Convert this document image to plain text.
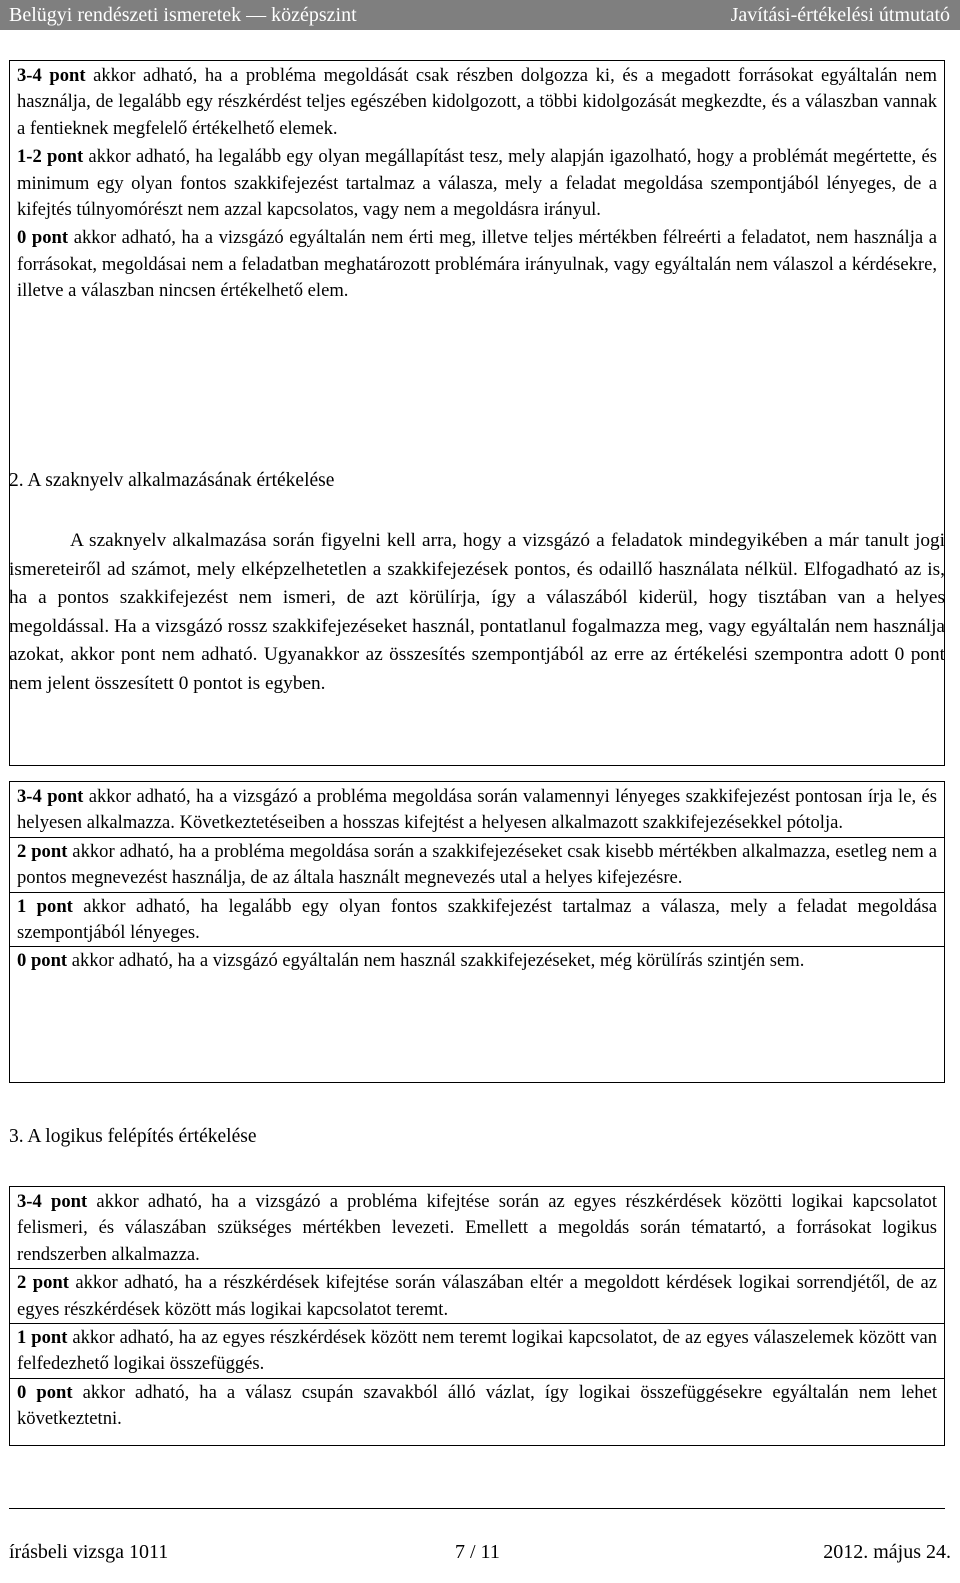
Belügyi rendészeti ismeretek — középszint	Javítási-értékelési útmutató

3-4 pont akkor adható, ha a probléma megoldását csak részben dolgozza ki, és a megadott forrásokat egyáltalán nem használja, de legalább egy részkérdést teljes egészében kidolgozott, a többi kidolgozását megkezdte, és a válaszban vannak a fentieknek megfelelő értékelhető elemek.

1-2 pont akkor adható, ha legalább egy olyan megállapítást tesz, mely alapján igazolható, hogy a problémát megértette, és minimum egy olyan fontos szakkifejezést tartalmaz a válasza, mely a feladat megoldása szempontjából lényeges, de a kifejtés túlnyomórészt nem azzal kapcsolatos, vagy nem a megoldásra irányul.

0 pont akkor adható, ha a vizsgázó egyáltalán nem érti meg, illetve teljes mértékben félreérti a feladatot, nem használja a forrásokat, megoldásai nem a feladatban meghatározott problémára irányulnak, vagy egyáltalán nem válaszol a kérdésekre, illetve a válaszban nincsen értékelhető elem.

2. A szaknyelv alkalmazásának értékelése
A szaknyelv alkalmazása során figyelni kell arra, hogy a vizsgázó a feladatok mindegyikében a már tanult jogi ismereteiről ad számot, mely elképzelhetetlen a szakkifejezések pontos, és odaillő használata nélkül. Elfogadható az is, ha a pontos szakkifejezést nem ismeri, de azt körülírja, így a válaszából kiderül, hogy tisztában van a helyes megoldással. Ha a vizsgázó rossz szakkifejezéseket használ, pontatlanul fogalmazza meg, vagy egyáltalán nem használja azokat, akkor pont nem adható. Ugyanakkor az összesítés szempontjából az erre az értékelési szempontra adott 0 pont nem jelent összesített 0 pontot is egyben.

3-4 pont akkor adható, ha a vizsgázó a probléma megoldása során valamennyi lényeges szakkifejezést pontosan írja le, és helyesen alkalmazza. Következtetéseiben a hosszas kifejtést a helyesen alkalmazott szakkifejezésekkel pótolja.

2 pont akkor adható, ha a probléma megoldása során a szakkifejezéseket csak kisebb mértékben alkalmazza, esetleg nem a pontos megnevezést használja, de az általa használt megnevezés utal a helyes kifejezésre.

1 pont akkor adható, ha legalább egy olyan fontos szakkifejezést tartalmaz a válasza, mely a feladat megoldása szempontjából lényeges.

0 pont akkor adható, ha a vizsgázó egyáltalán nem használ szakkifejezéseket, még körülírás szintjén sem.

3. A logikus felépítés értékelése

3-4 pont akkor adható, ha a vizsgázó a probléma kifejtése során az egyes részkérdések közötti logikai kapcsolatot felismeri, és válaszában szükséges mértékben levezeti. Emellett a megoldás során tématartó, a forrásokat logikus rendszerben alkalmazza.

2 pont akkor adható, ha a részkérdések kifejtése során válaszában eltér a megoldott kérdések logikai sorrendjétől, de az egyes részkérdések között más logikai kapcsolatot teremt.

1 pont akkor adható, ha az egyes részkérdések között nem teremt logikai kapcsolatot, de az egyes válaszelemek között van felfedezhető logikai összefüggés.

0 pont akkor adható, ha a válasz csupán szavakból álló vázlat, így logikai összefüggésekre egyáltalán nem lehet következtetni.

írásbeli vizsga 1011	7 / 11	2012. május 24.
